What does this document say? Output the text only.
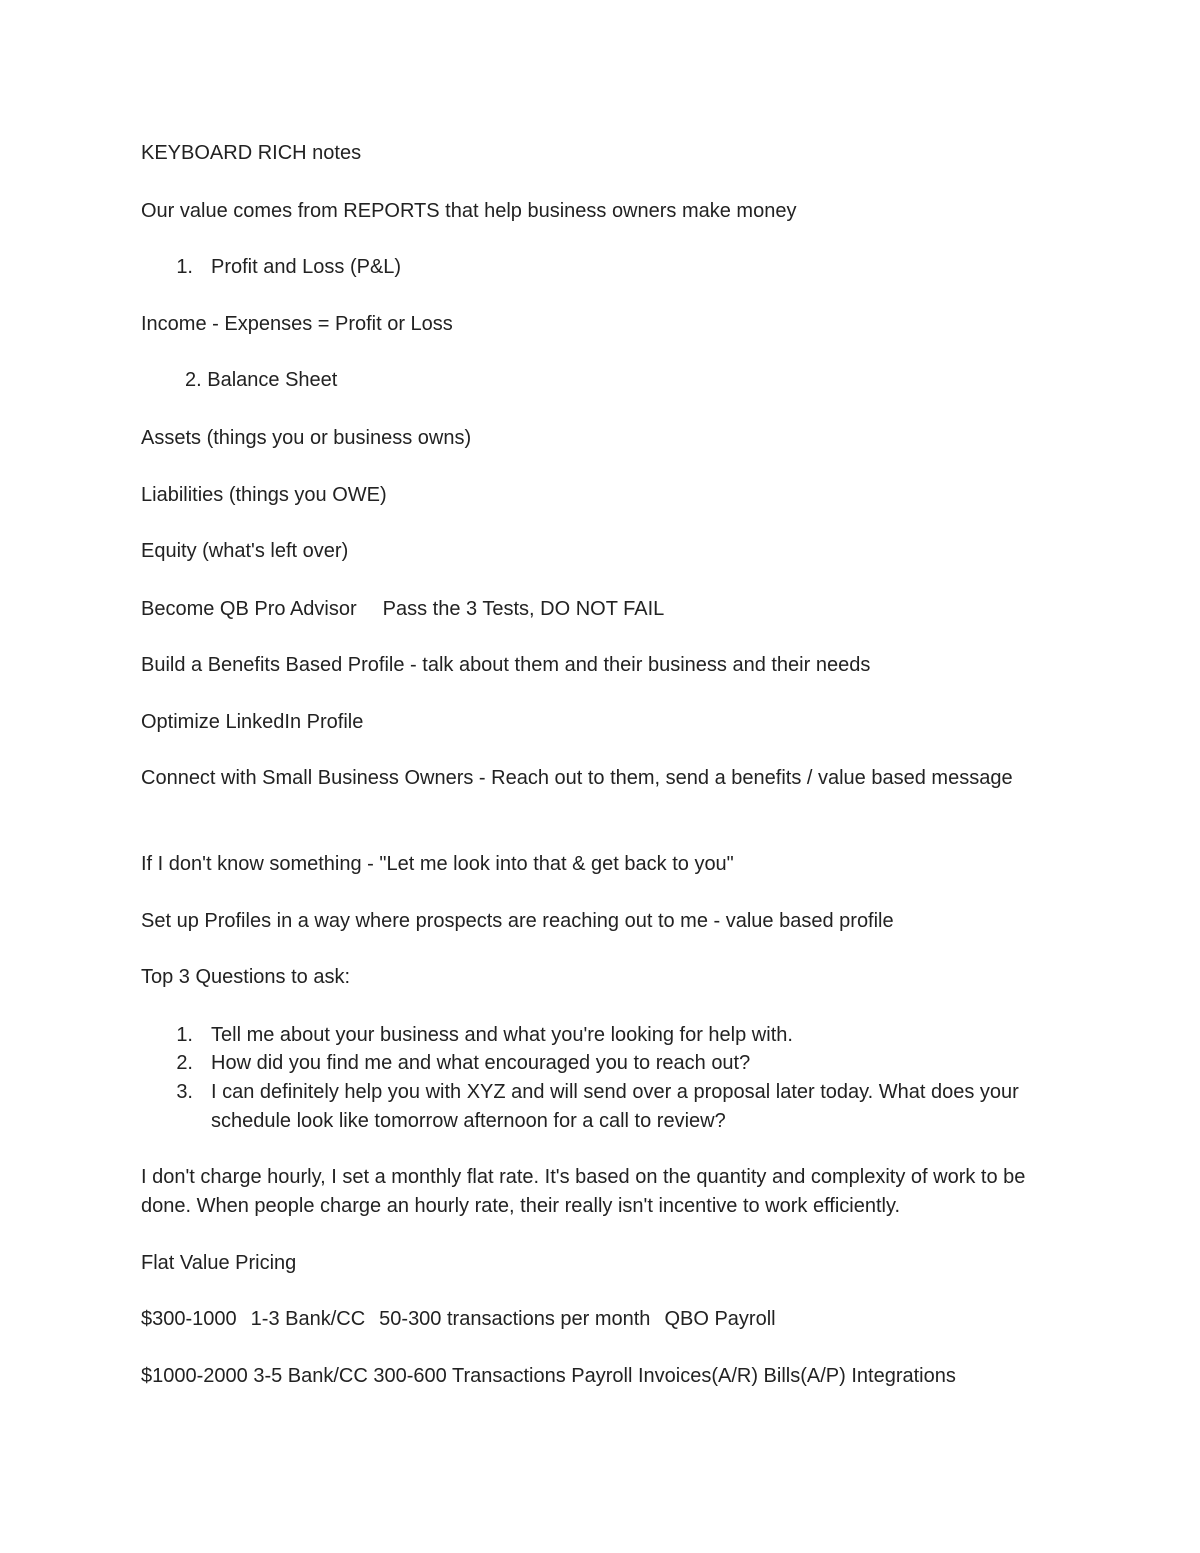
KEYBOARD RICH notes
Our value comes from REPORTS that help business owners make money
1. Profit and Loss (P&L)
Income - Expenses = Profit or Loss
2. Balance Sheet
Assets (things you or business owns)
Liabilities (things you OWE)
Equity (what's left over)
Become QB Pro Advisor Pass the 3 Tests, DO NOT FAIL
Build a Benefits Based Profile - talk about them and their business and their needs
Optimize LinkedIn Profile
Connect with Small Business Owners - Reach out to them, send a benefits / value based message
If I don't know something - "Let me look into that & get back to you"
Set up Profiles in a way where prospects are reaching out to me - value based profile
Top 3 Questions to ask:
1. Tell me about your business and what you're looking for help with.
2. How did you find me and what encouraged you to reach out?
3. I can definitely help you with XYZ and will send over a proposal later today. What does your schedule look like tomorrow afternoon for a call to review?
I don't charge hourly, I set a monthly flat rate. It's based on the quantity and complexity of work to be done. When people charge an hourly rate, their really isn't incentive to work efficiently.
Flat Value Pricing
$300-1000 1-3 Bank/CC 50-300 transactions per month QBO Payroll
$1000-2000 3-5 Bank/CC 300-600 Transactions Payroll Invoices(A/R) Bills(A/P) Integrations
